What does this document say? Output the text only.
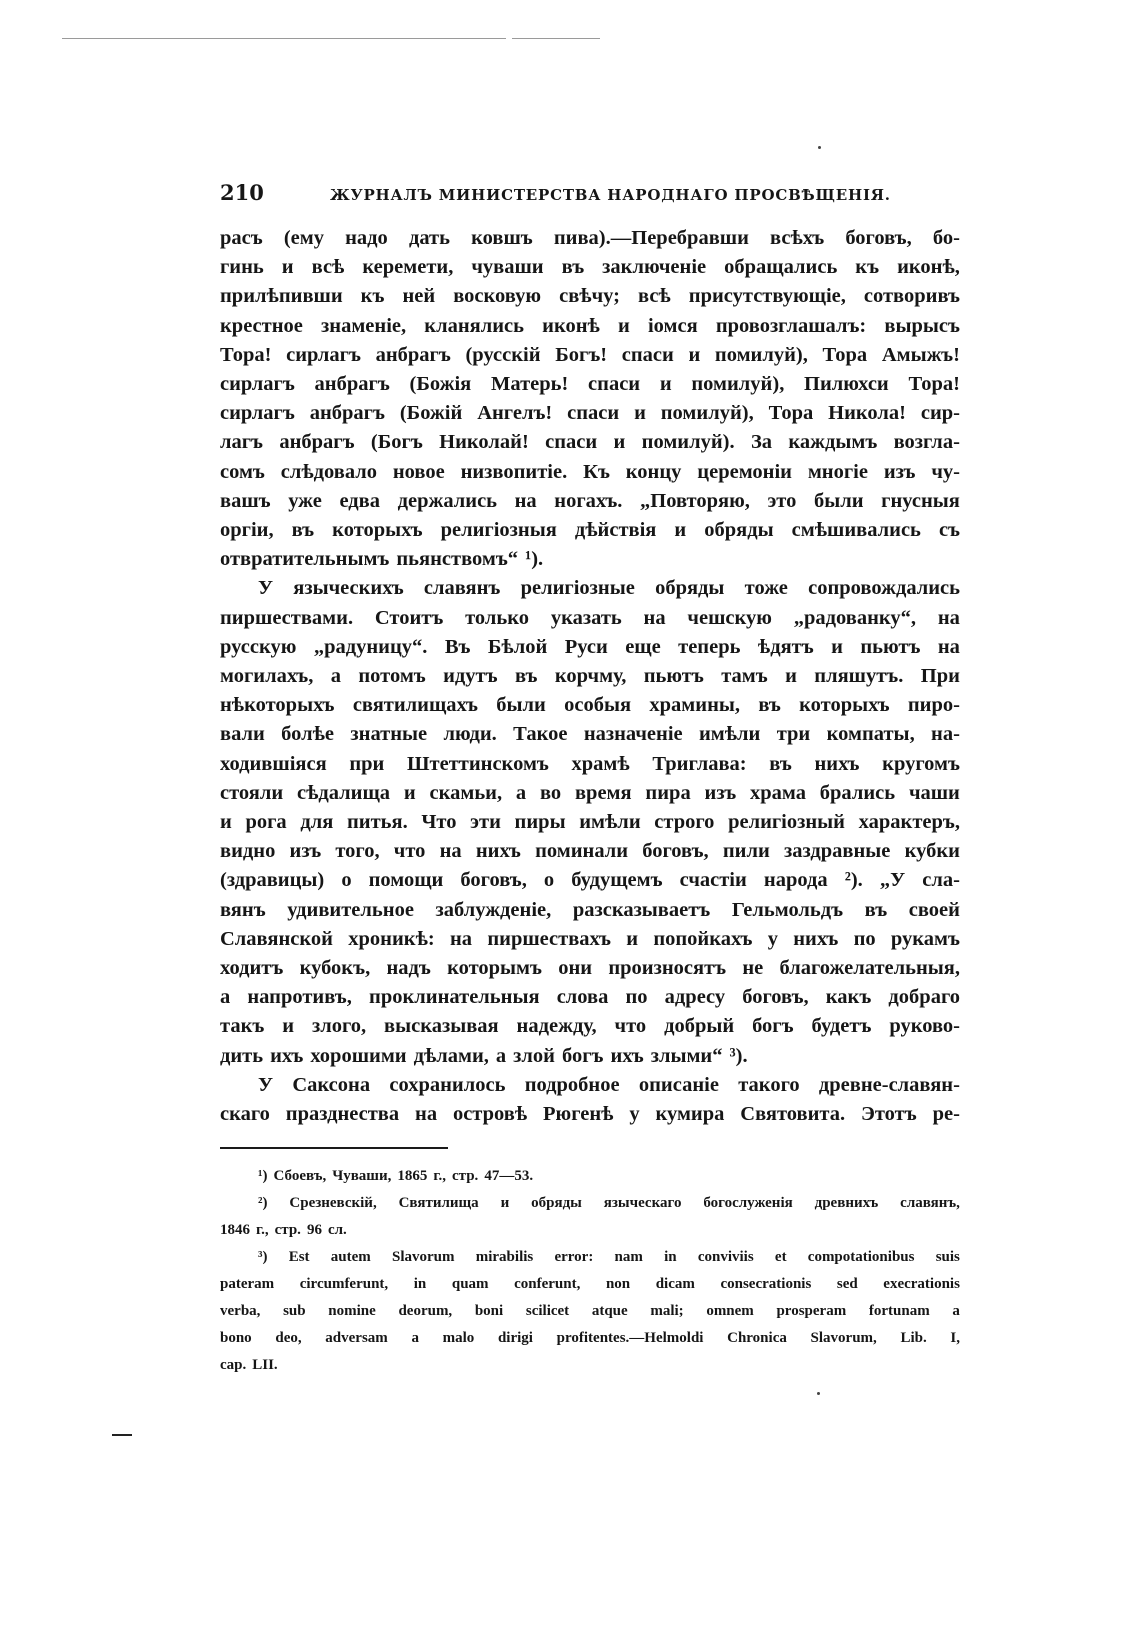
210	ЖУРНАЛЪ МИНИСТЕРСТВА НАРОДНАГО ПРОСВѢЩЕНІЯ.
расъ (ему надо дать ковшъ пива).—Перебравши всѣхъ боговъ, бо-
гинь и всѣ керемети, чуваши въ заключеніе обращались къ иконѣ,
прилѣпивши къ ней восковую свѣчу; всѣ присутствующіе, сотворивъ
крестное знаменіе, кланялись иконѣ и іомся провозглашалъ: вырысъ
Тора! сирлагъ анбрагъ (русскій Богъ! спаси и помилуй), Тора Амыжъ!
сирлагъ анбрагъ (Божія Матерь! спаси и помилуй), Пилюхси Тора!
сирлагъ анбрагъ (Божій Ангелъ! спаси и помилуй), Тора Никола! сир-
лагъ анбрагъ (Богъ Николай! спаси и помилуй). За каждымъ возгла-
сомъ слѣдовало новое низвопитіе. Къ концу церемоніи многіе изъ чу-
вашъ уже едва держались на ногахъ. „Повторяю, это были гнусныя
оргіи, въ которыхъ религіозныя дѣйствія и обряды смѣшивались съ
отвратительнымъ пьянствомъ“ ¹).
У языческихъ славянъ религіозные обряды тоже сопровождались
пиршествами. Стоитъ только указать на чешскую „радованку“, на
русскую „радуницу“. Въ Бѣлой Руси еще теперь ѣдятъ и пьютъ на
могилахъ, а потомъ идутъ въ корчму, пьютъ тамъ и пляшутъ. При
нѣкоторыхъ святилищахъ были особыя храмины, въ которыхъ пиро-
вали болѣе знатные люди. Такое назначеніе имѣли три компаты, на-
ходившіяся при Штеттинскомъ храмѣ Триглава: въ нихъ кругомъ
стояли сѣдалища и скамьи, а во время пира изъ храма брались чаши
и рога для питья. Что эти пиры имѣли строго религіозный характеръ,
видно изъ того, что на нихъ поминали боговъ, пили заздравные кубки
(здравицы) о помощи боговъ, о будущемъ счастіи народа ²). „У сла-
вянъ удивительное заблужденіе, разсказываетъ Гельмольдъ въ своей
Славянской хроникѣ: на пиршествахъ и попойкахъ у нихъ по рукамъ
ходитъ кубокъ, надъ которымъ они произносятъ не благожелательныя,
а напротивъ, проклинательныя слова по адресу боговъ, какъ добраго
такъ и злого, высказывая надежду, что добрый богъ будетъ руково-
дить ихъ хорошими дѣлами, а злой богъ ихъ злыми“ ³).
У Саксона сохранилось подробное описаніе такого древне-славян-
скаго празднества на островѣ Рюгенѣ у кумира Святовита. Этотъ ре-
¹) Сбоевъ, Чуваши, 1865 г., стр. 47—53.
²) Срезневскій, Святилища и обряды языческаго богослуженія древнихъ славянъ,
1846 г., стр. 96 сл.
³) Est autem Slavorum mirabilis error: nam in conviviis et compotationibus suis
pateram circumferunt, in quam conferunt, non dicam consecrationis sed execrationis
verba, sub nomine deorum, boni scilicet atque mali; omnem prosperam fortunam a
bono deo, adversam a malo dirigi profitentes.—Helmoldi Chronica Slavorum, Lib. I,
cap. LII.
